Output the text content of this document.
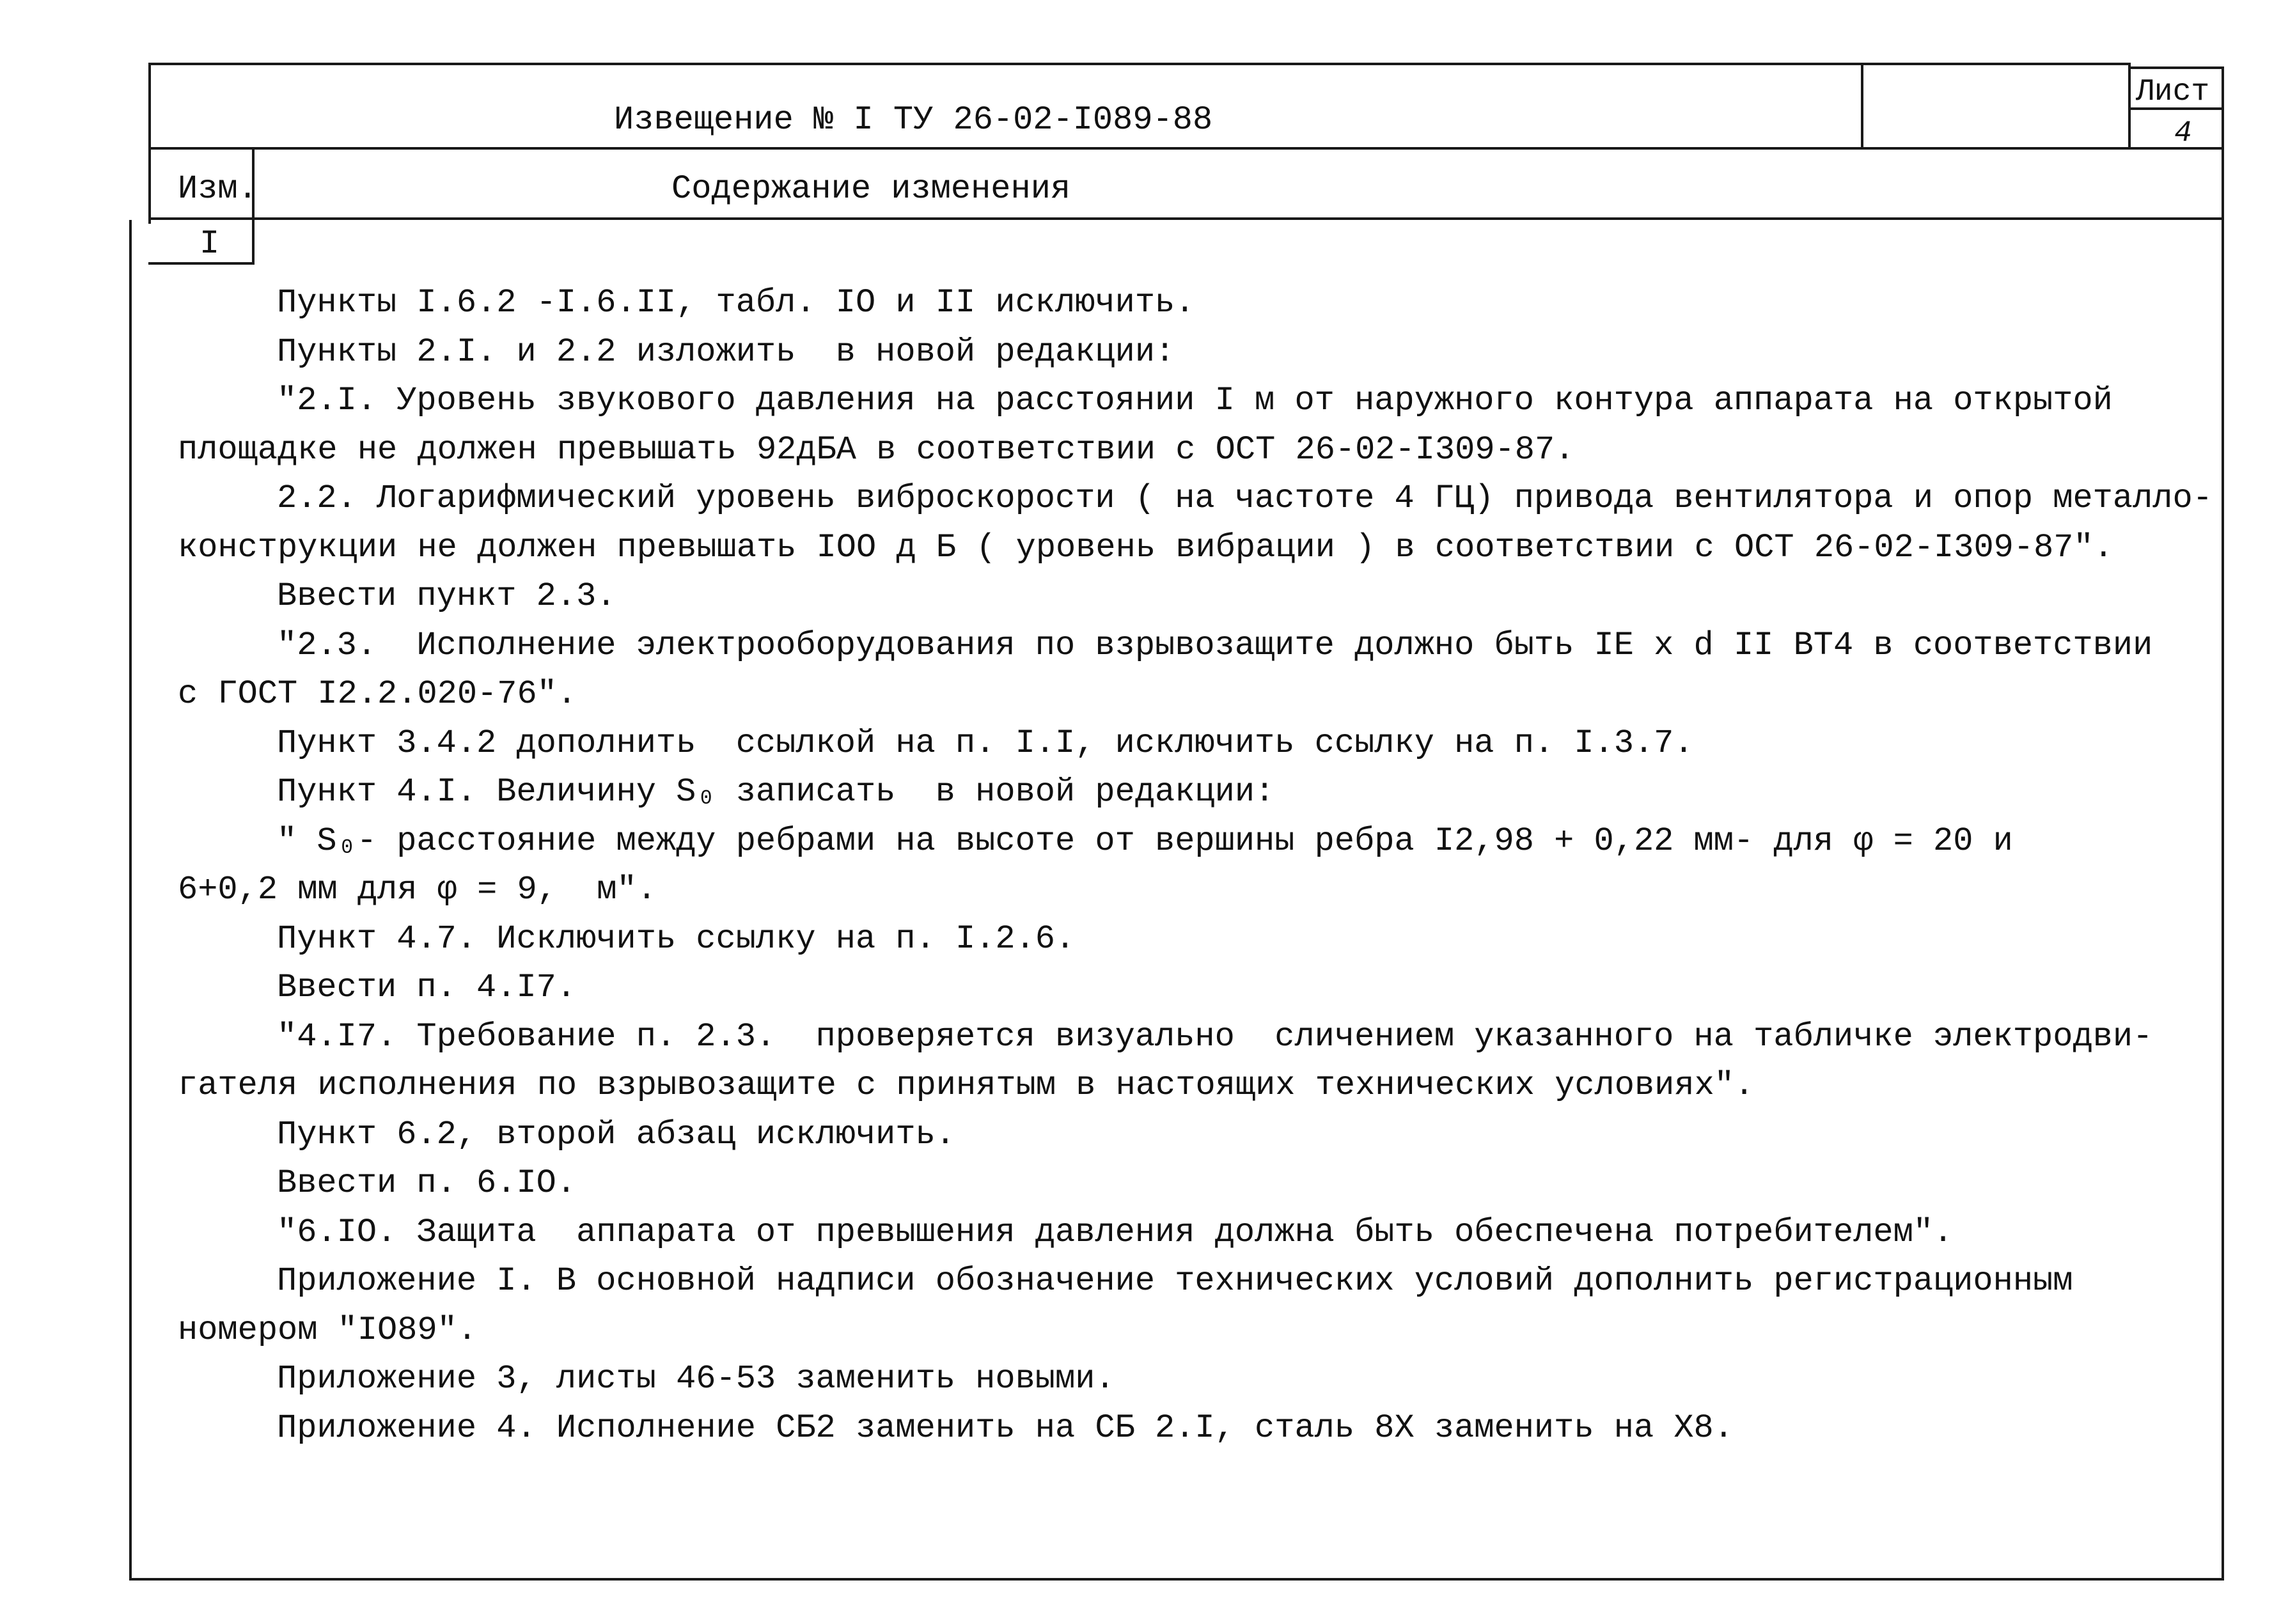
Извещение № I ТУ 26-02-I089-88
Лист
4
Изм.	Содержание изменения
I
Пункты I.6.2 -I.6.II, табл. IO и II исключить.
Пункты 2.I. и 2.2 изложить  в новой редакции:
"2.I. Уровень звукового давления на расстоянии I м от наружного контура аппарата на открытой
площадке не должен превышать 92дБА в соответствии с ОСТ 26-02-I309-87.
2.2. Логарифмический уровень виброскорости ( на частоте 4 ГЦ) привода вентилятора и опор металло-
конструкции не должен превышать IOO д Б ( уровень вибрации ) в соответствии с ОСТ 26-02-I309-87".
Ввести пункт 2.3.
"2.3.  Исполнение электрооборудования по взрывозащите должно быть IE x d II BT4 в соответствии
с ГОСТ I2.2.020-76".
Пункт 3.4.2 дополнить  ссылкой на п. I.I, исключить ссылку на п. I.3.7.
Пункт 4.I. Величину S₀ записать  в новой редакции:
" S₀- расстояние между ребрами на высоте от вершины ребра I2,98 + 0,22 мм- для φ = 20 и
6+0,2 мм для φ = 9,  м".
Пункт 4.7. Исключить ссылку на п. I.2.6.
Ввести п. 4.I7.
"4.I7. Требование п. 2.3.  проверяется визуально  сличением указанного на табличке электродви-
гателя исполнения по взрывозащите с принятым в настоящих технических условиях".
Пункт 6.2, второй абзац исключить.
Ввести п. 6.IO.
"6.IO. Защита  аппарата от превышения давления должна быть обеспечена потребителем".
Приложение I. В основной надписи обозначение технических условий дополнить регистрационным
номером "IO89".
Приложение 3, листы 46-53 заменить новыми.
Приложение 4. Исполнение СБ2 заменить на СБ 2.I, сталь 8X заменить на X8.
